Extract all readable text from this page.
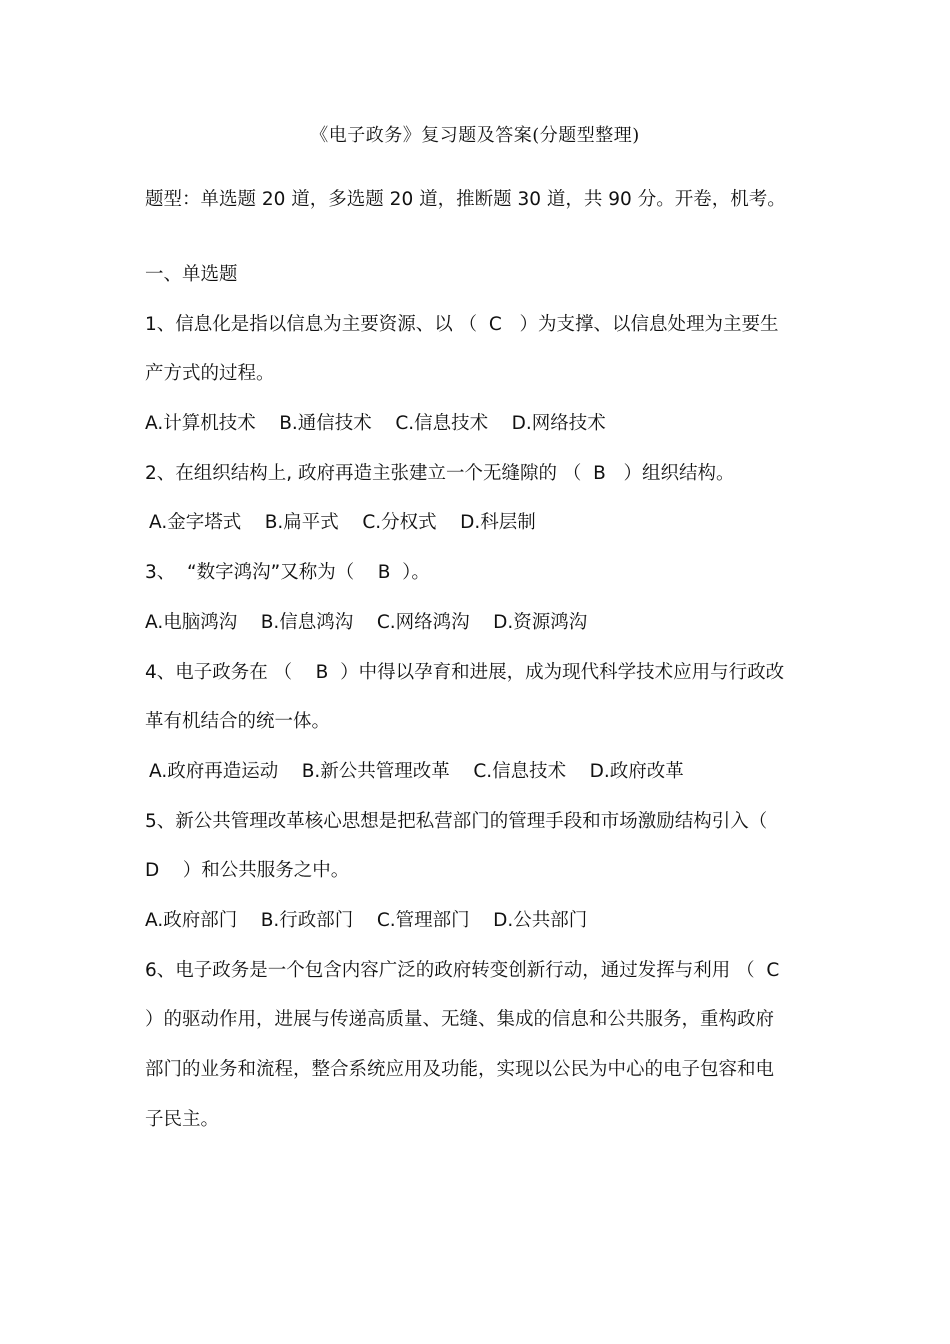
《电子政务》复习题及答案(分题型整理)
题型：单选题 20 道，多选题 20 道，推断题 30 道，共 90 分。开卷，机考。
一、单选题
1、信息化是指以信息为主要资源、以 （  C   ）为支撑、以信息处理为主要生
产方式的过程。
A.计算机技术    B.通信技术    C.信息技术    D.网络技术
2、在组织结构上, 政府再造主张建立一个无缝隙的 （  B   ）组织结构。
A.金字塔式    B.扁平式    C.分权式    D.科层制
3、  “数字鸿沟”又称为（    B  ）。
A.电脑鸿沟    B.信息鸿沟    C.网络鸿沟    D.资源鸿沟
4、电子政务在 （    B  ）中得以孕育和进展，成为现代科学技术应用与行政改
革有机结合的统一体。
A.政府再造运动    B.新公共管理改革    C.信息技术    D.政府改革
5、新公共管理改革核心思想是把私营部门的管理手段和市场激励结构引入（
D    ）和公共服务之中。
A.政府部门    B.行政部门    C.管理部门    D.公共部门
6、电子政务是一个包含内容广泛的政府转变创新行动，通过发挥与利用 （  C
）的驱动作用，进展与传递高质量、无缝、集成的信息和公共服务，重构政府
部门的业务和流程，整合系统应用及功能，实现以公民为中心的电子包容和电
子民主。
